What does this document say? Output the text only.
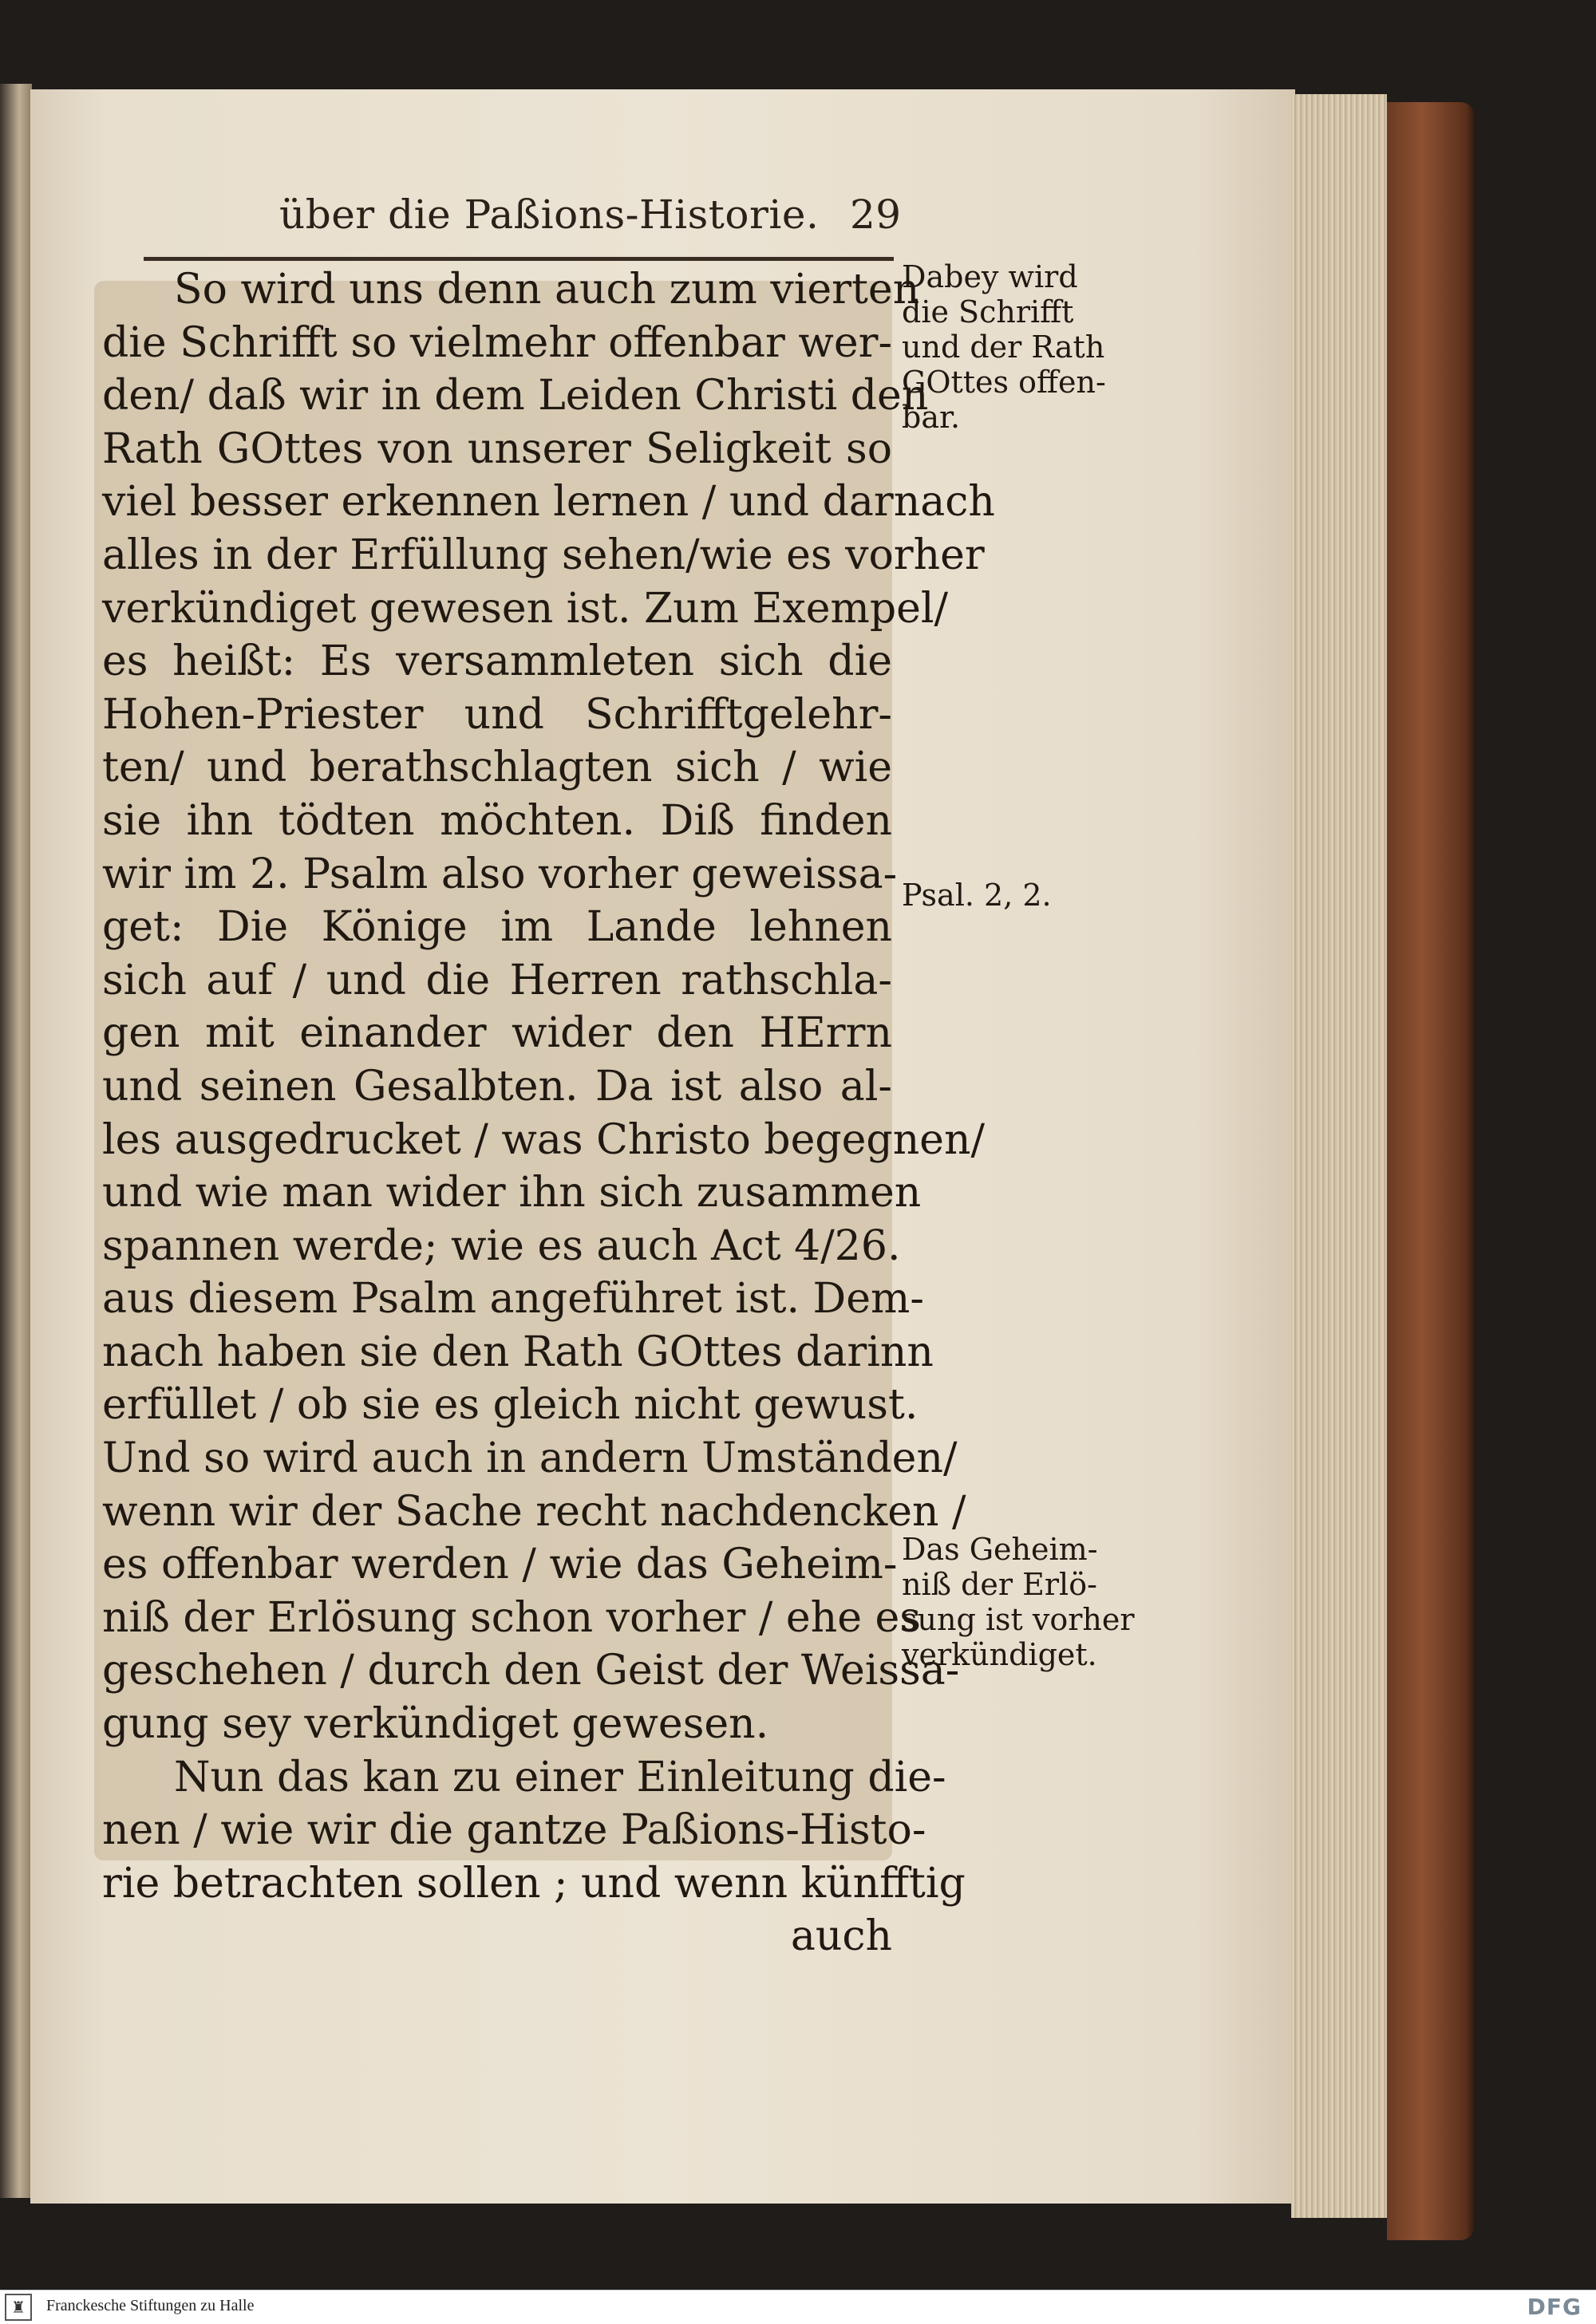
über die Paßions-Historie. 29
So wird uns denn auch zum vierten
die Schrifft so vielmehr offenbar wer-
den/ daß wir in dem Leiden Christi den
Rath GOttes von unserer Seligkeit so
viel besser erkennen lernen / und darnach
alles in der Erfüllung sehen/wie es vorher
verkündiget gewesen ist. Zum Exempel/
es heißt: Es versammleten sich die
Hohen-Priester und Schrifftgelehr-
ten/ und berathschlagten sich / wie
sie ihn tödten möchten. Diß finden
wir im 2. Psalm also vorher geweissa-
get: Die Könige im Lande lehnen
sich auf / und die Herren rathschla-
gen mit einander wider den HErrn
und seinen Gesalbten. Da ist also al-
les ausgedrucket / was Christo begegnen/
und wie man wider ihn sich zusammen
spannen werde; wie es auch Act 4/26.
aus diesem Psalm angeführet ist. Dem-
nach haben sie den Rath GOttes darinn
erfüllet / ob sie es gleich nicht gewust.
Und so wird auch in andern Umständen/
wenn wir der Sache recht nachdencken /
es offenbar werden / wie das Geheim-
niß der Erlösung schon vorher / ehe es
geschehen / durch den Geist der Weissa-
gung sey verkündiget gewesen.
Nun das kan zu einer Einleitung die-
nen / wie wir die gantze Paßions-Histo-
rie betrachten sollen ; und wenn künfftig
auch
Dabey wird
die Schrifft
und der Rath
GOttes offen-
bar.
Psal. 2, 2.
Das Geheim-
niß der Erlö-
sung ist vorher
verkündiget.
♜	Franckesche Stiftungen zu Halle	DFG
